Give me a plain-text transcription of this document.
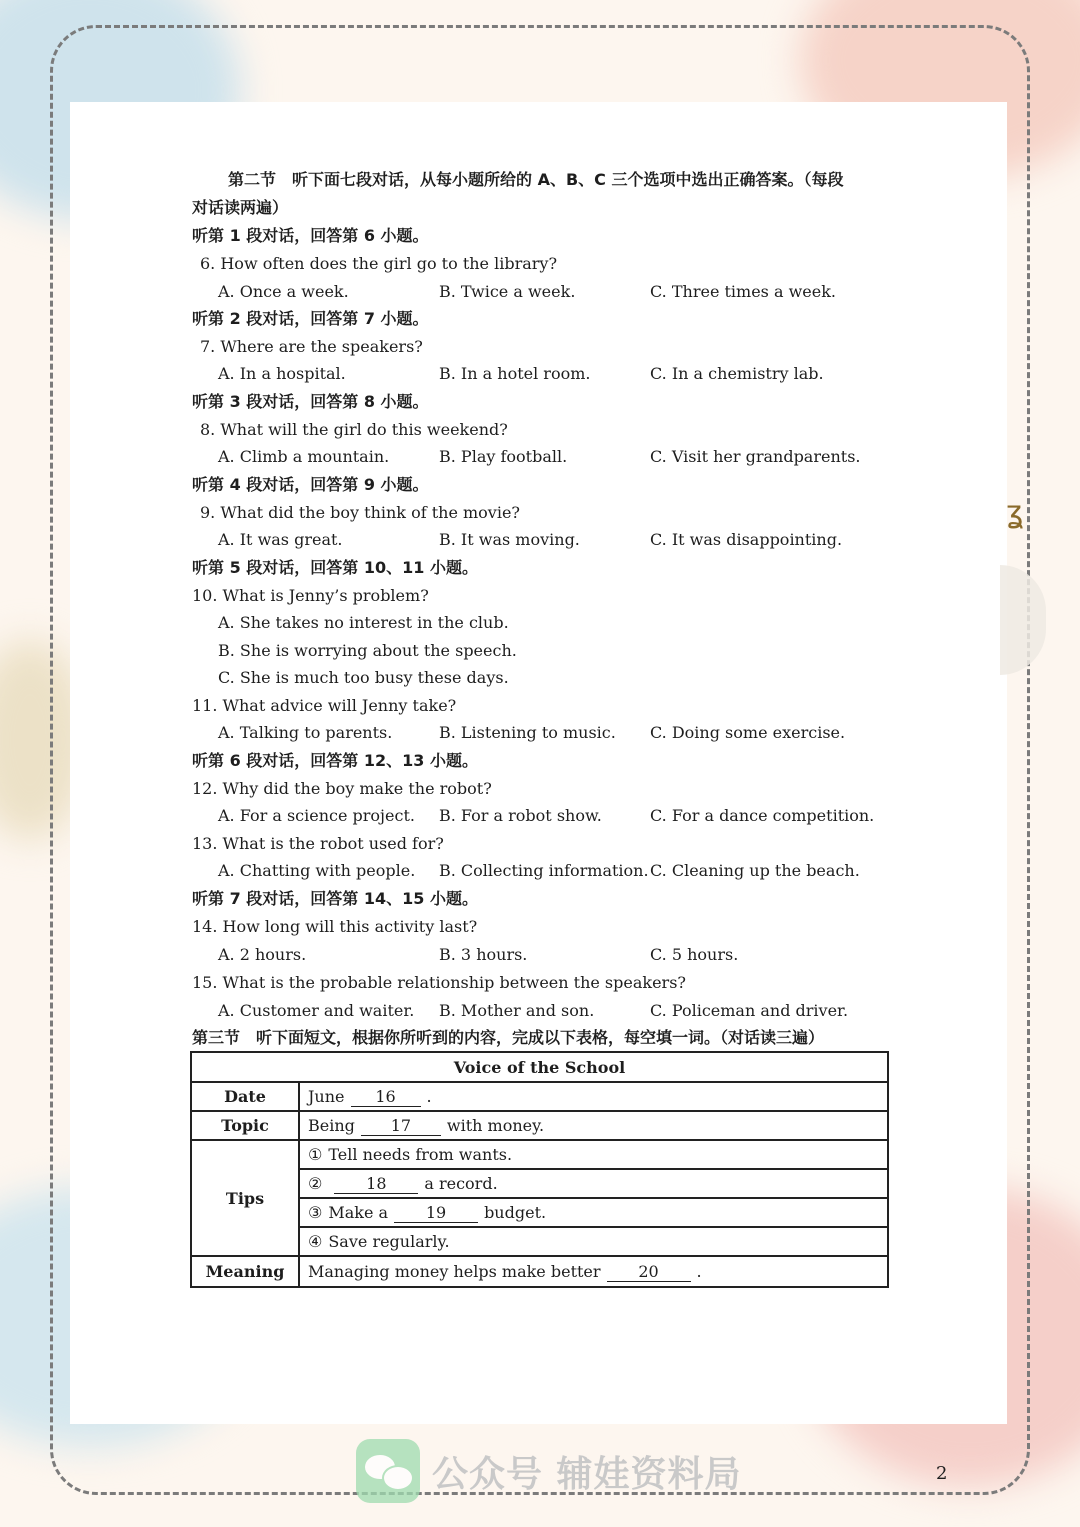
ʓ
第二节　听下面七段对话，从每小题所给的 A、B、C 三个选项中选出正确答案。（每段
对话读两遍）
听第 1 段对话，回答第 6 小题。
6. How often does the girl go to the library?
A. Once a week.	B. Twice a week.	C. Three times a week.
听第 2 段对话，回答第 7 小题。
7. Where are the speakers?
A. In a hospital.	B. In a hotel room.	C. In a chemistry lab.
听第 3 段对话，回答第 8 小题。
8. What will the girl do this weekend?
A. Climb a mountain.	B. Play football.	C. Visit her grandparents.
听第 4 段对话，回答第 9 小题。
9. What did the boy think of the movie?
A. It was great.	B. It was moving.	C. It was disappointing.
听第 5 段对话，回答第 10、11 小题。
10. What is Jenny’s problem?
A. She takes no interest in the club.
B. She is worrying about the speech.
C. She is much too busy these days.
11. What advice will Jenny take?
A. Talking to parents.	B. Listening to music. C. Doing some exercise.
听第 6 段对话，回答第 12、13 小题。
12. Why did the boy make the robot?
A. For a science project. B. For a robot show.	C. For a dance competition.
13. What is the robot used for?
A. Chatting with people. B. Collecting information. C. Cleaning up the beach.
听第 7 段对话，回答第 14、15 小题。
14. How long will this activity last?
A. 2 hours.	B. 3 hours.	C. 5 hours.
15. What is the probable relationship between the speakers?
A. Customer and waiter. B. Mother and son.	C. Policeman and driver.
第三节　听下面短文，根据你所听到的内容，完成以下表格，每空填一词。（对话读三遍）
Voice of the School	
Date	June 16 .
Topic	Being 17 with money.
Tips	① Tell needs from wants.
	② 18 a record.
	③ Make a 19 budget.
	④ Save regularly.
Meaning	Managing money helps make better 20 .
公众号 辅娃资料局	2
